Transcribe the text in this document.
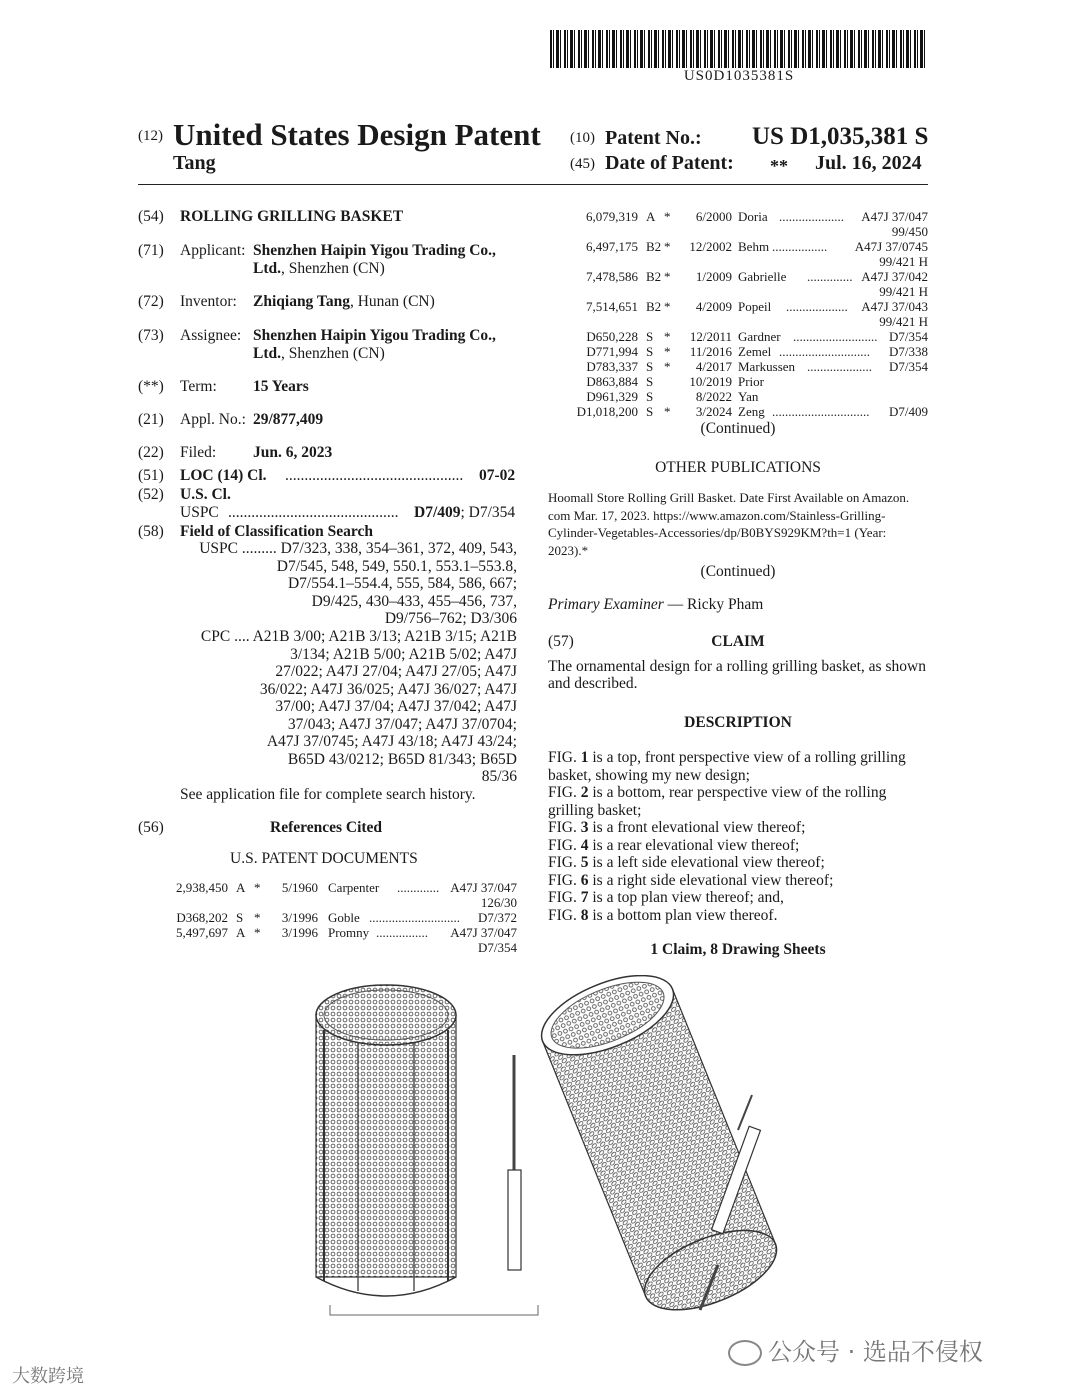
US0D1035381S
(12) United States Design Patent
Tang
(10) Patent No.: US D1,035,381 S
(45) Date of Patent: ** Jul. 16, 2024
(54) ROLLING GRILLING BASKET
(71) Applicant: Shenzhen Haipin Yigou Trading Co.,
Ltd., Shenzhen (CN)
(72) Inventor: Zhiqiang Tang, Hunan (CN)
(73) Assignee: Shenzhen Haipin Yigou Trading Co.,
Ltd., Shenzhen (CN)
(**) Term: 15 Years
(21) Appl. No.: 29/877,409
(22) Filed: Jun. 6, 2023
(51) LOC (14) Cl. .............................................. 07-02
(52) U.S. Cl.
USPC ............................................ D7/409; D7/354
(58) Field of Classification Search
USPC ......... D7/323, 338, 354–361, 372, 409, 543,
D7/545, 548, 549, 550.1, 553.1–553.8,
D7/554.1–554.4, 555, 584, 586, 667;
D9/425, 430–433, 455–456, 737,
D9/756–762; D3/306
CPC .... A21B 3/00; A21B 3/13; A21B 3/15; A21B
3/134; A21B 5/00; A21B 5/02; A47J
27/022; A47J 27/04; A47J 27/05; A47J
36/022; A47J 36/025; A47J 36/027; A47J
37/00; A47J 37/04; A47J 37/042; A47J
37/043; A47J 37/047; A47J 37/0704;
A47J 37/0745; A47J 43/18; A47J 43/24;
B65D 43/0212; B65D 81/343; B65D
85/36
See application file for complete search history.
(56)	References Cited
U.S. PATENT DOCUMENTS
2,938,450 A *	5/1960 Carpenter ............. A47J 37/047
126/30
D368,202 S *	3/1996 Goble ............................ D7/372
5,497,697 A *	3/1996 Promny ................ A47J 37/047
D7/354
6,079,319 A *	6/2000 Doria .................... A47J 37/047
99/450
6,497,175 B2 *	12/2002 Behm ................. A47J 37/0745
99/421 H
7,478,586 B2 *	1/2009 Gabrielle .............. A47J 37/042
99/421 H
7,514,651 B2 *	4/2009 Popeil ................... A47J 37/043
99/421 H
D650,228 S *	12/2011 Gardner .......................... D7/354
D771,994 S *	11/2016 Zemel ............................ D7/338
D783,337 S *	4/2017 Markussen .................... D7/354
D863,884 S	10/2019 Prior
D961,329 S	8/2022 Yan
D1,018,200 S *	3/2024 Zeng .............................. D7/409
(Continued)
OTHER PUBLICATIONS
Hoomall Store Rolling Grill Basket. Date First Available on Amazon.
com Mar. 17, 2023. https://www.amazon.com/Stainless-Grilling-
Cylinder-Vegetables-Accessories/dp/B0BYS929KM?th=1 (Year:
2023).*
(Continued)
Primary Examiner — Ricky Pham
(57)	CLAIM
The ornamental design for a rolling grilling basket, as shown
and described.
DESCRIPTION
FIG. 1 is a top, front perspective view of a rolling grilling
basket, showing my new design;
FIG. 2 is a bottom, rear perspective view of the rolling
grilling basket;
FIG. 3 is a front elevational view thereof;
FIG. 4 is a rear elevational view thereof;
FIG. 5 is a left side elevational view thereof;
FIG. 6 is a right side elevational view thereof;
FIG. 7 is a top plan view thereof; and,
FIG. 8 is a bottom plan view thereof.
1 Claim, 8 Drawing Sheets
大数跨境
公众号 · 选品不侵权
